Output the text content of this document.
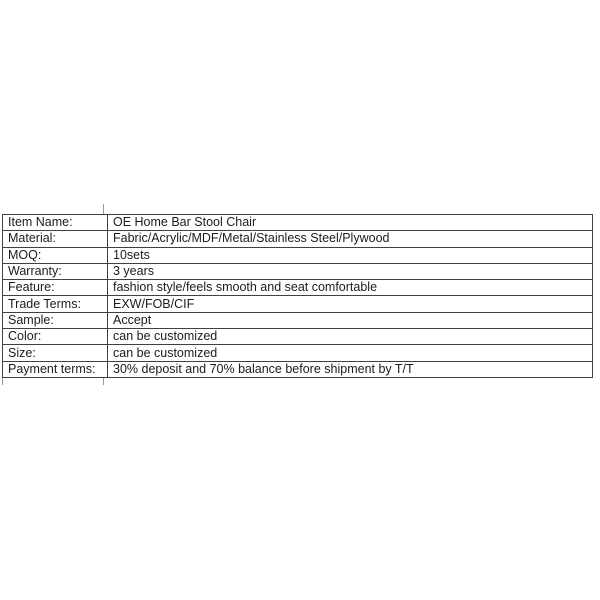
Item Name:	OE Home Bar Stool Chair
Material:	Fabric/Acrylic/MDF/Metal/Stainless Steel/Plywood
MOQ:	10sets
Warranty:	3 years
Feature:	fashion style/feels smooth and seat comfortable
Trade Terms:	EXW/FOB/CIF
Sample:	Accept
Color:	can be customized
Size:	can be customized
Payment terms:	30% deposit and 70% balance before shipment by T/T
